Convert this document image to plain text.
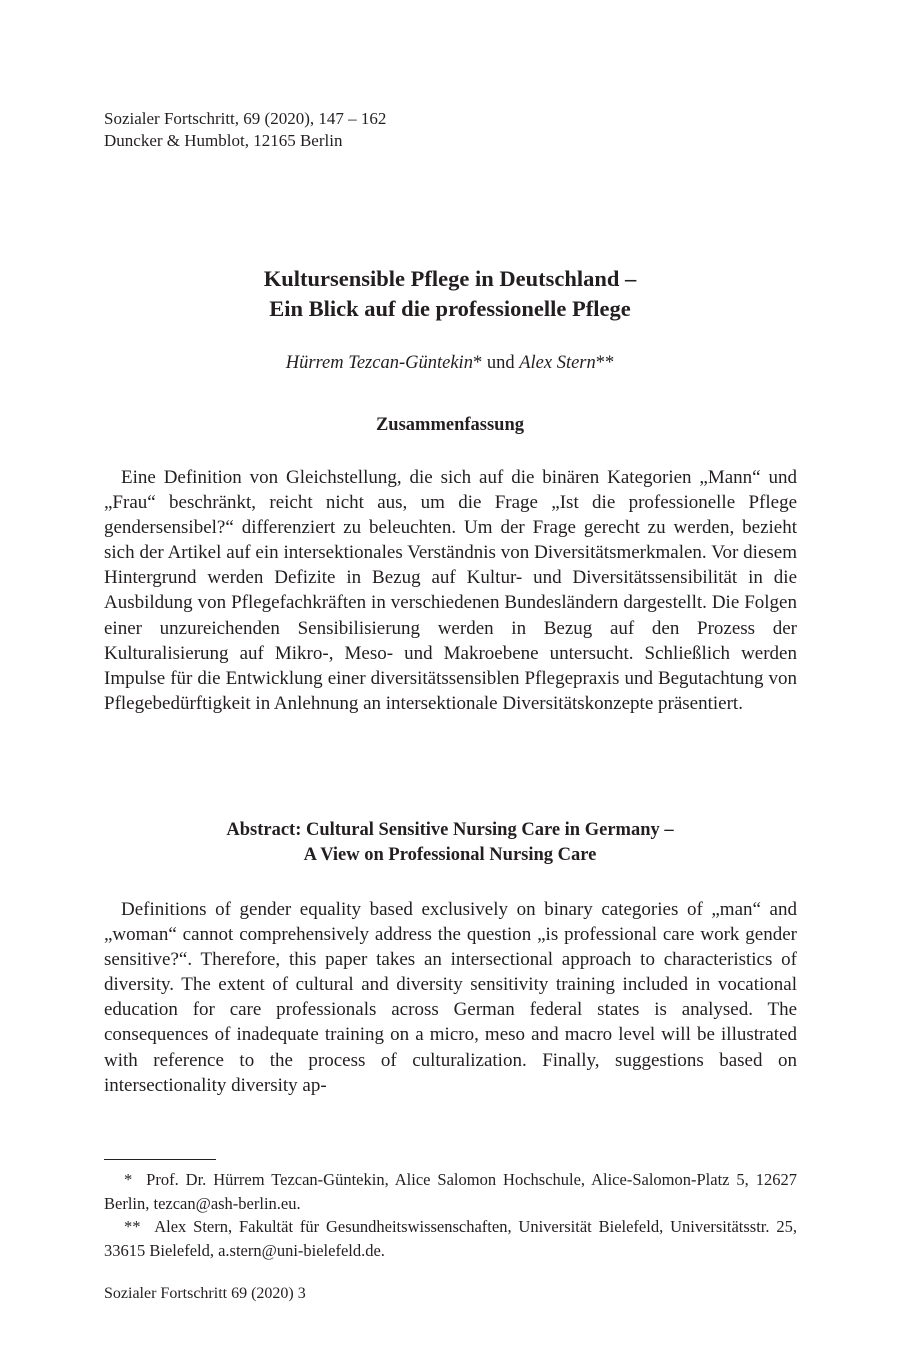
Sozialer Fortschritt, 69 (2020), 147 – 162
Duncker & Humblot, 12165 Berlin
Kultursensible Pflege in Deutschland –
Ein Blick auf die professionelle Pflege
Hürrem Tezcan-Güntekin* und Alex Stern**
Zusammenfassung

Eine Definition von Gleichstellung, die sich auf die binären Kategorien „Mann“ und „Frau“ beschränkt, reicht nicht aus, um die Frage „Ist die professionelle Pflege gendersensibel?“ differenziert zu beleuchten. Um der Frage gerecht zu werden, bezieht sich der Artikel auf ein intersektionales Verständnis von Diversitätsmerkmalen. Vor diesem Hintergrund werden Defizite in Bezug auf Kultur- und Diversitätssensibilität in die Ausbildung von Pflegefachkräften in verschiedenen Bundesländern dargestellt. Die Folgen einer unzureichenden Sensibilisierung werden in Bezug auf den Prozess der Kulturalisierung auf Mikro-, Meso- und Makroebene untersucht. Schließlich werden Impulse für die Entwicklung einer diversitätssensiblen Pflegepraxis und Begutachtung von Pflegebedürftigkeit in Anlehnung an intersektionale Diversitätskonzepte präsentiert.

Abstract: Cultural Sensitive Nursing Care in Germany –
A View on Professional Nursing Care

Definitions of gender equality based exclusively on binary categories of „man“ and „woman“ cannot comprehensively address the question „is professional care work gender sensitive?“. Therefore, this paper takes an intersectional approach to characteristics of diversity. The extent of cultural and diversity sensitivity training included in vocational education for care professionals across German federal states is analysed. The consequences of inadequate training on a micro, meso and macro level will be illustrated with reference to the process of culturalization. Finally, suggestions based on intersectionality diversity ap-

* Prof. Dr. Hürrem Tezcan-Güntekin, Alice Salomon Hochschule, Alice-Salomon-Platz 5, 12627 Berlin, tezcan@ash-berlin.eu.

** Alex Stern, Fakultät für Gesundheitswissenschaften, Universität Bielefeld, Universitätsstr. 25, 33615 Bielefeld, a.stern@uni-bielefeld.de.

Sozialer Fortschritt 69 (2020) 3
